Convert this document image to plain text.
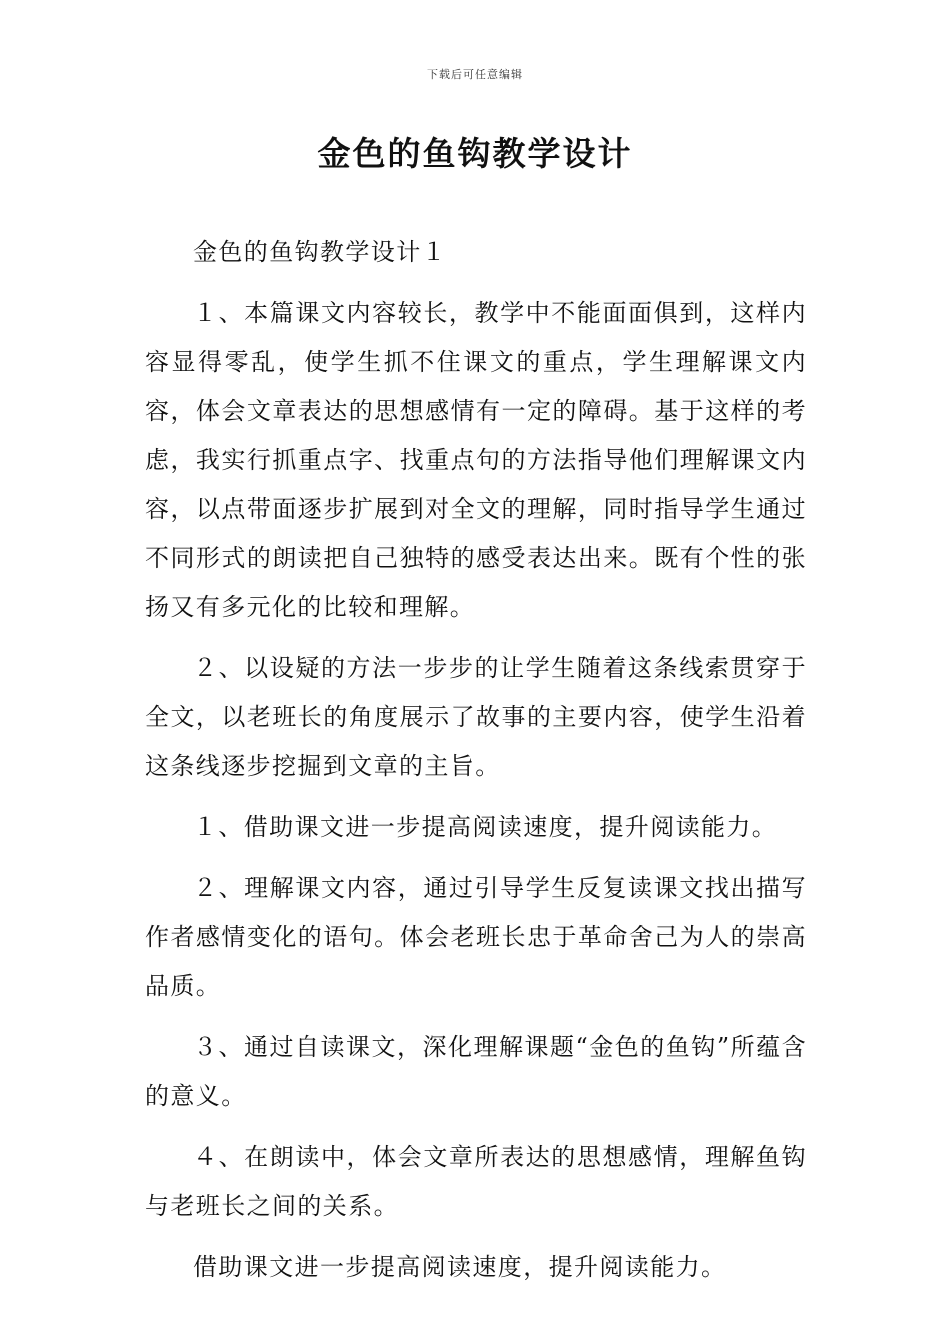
下载后可任意编辑
金色的鱼钩教学设计

金色的鱼钩教学设计１

１、本篇课文内容较长，教学中不能面面俱到，这样内容显得零乱，使学生抓不住课文的重点，学生理解课文内容，体会文章表达的思想感情有一定的障碍。基于这样的考虑，我实行抓重点字、找重点句的方法指导他们理解课文内容，以点带面逐步扩展到对全文的理解，同时指导学生通过不同形式的朗读把自己独特的感受表达出来。既有个性的张扬又有多元化的比较和理解。

２、以设疑的方法一步步的让学生随着这条线索贯穿于全文，以老班长的角度展示了故事的主要内容，使学生沿着这条线逐步挖掘到文章的主旨。

１、借助课文进一步提高阅读速度，提升阅读能力。

２、理解课文内容，通过引导学生反复读课文找出描写作者感情变化的语句。体会老班长忠于革命舍己为人的崇高品质。

３、通过自读课文，深化理解课题“金色的鱼钩”所蕴含的意义。

４、在朗读中，体会文章所表达的思想感情，理解鱼钩与老班长之间的关系。

借助课文进一步提高阅读速度，提升阅读能力。
